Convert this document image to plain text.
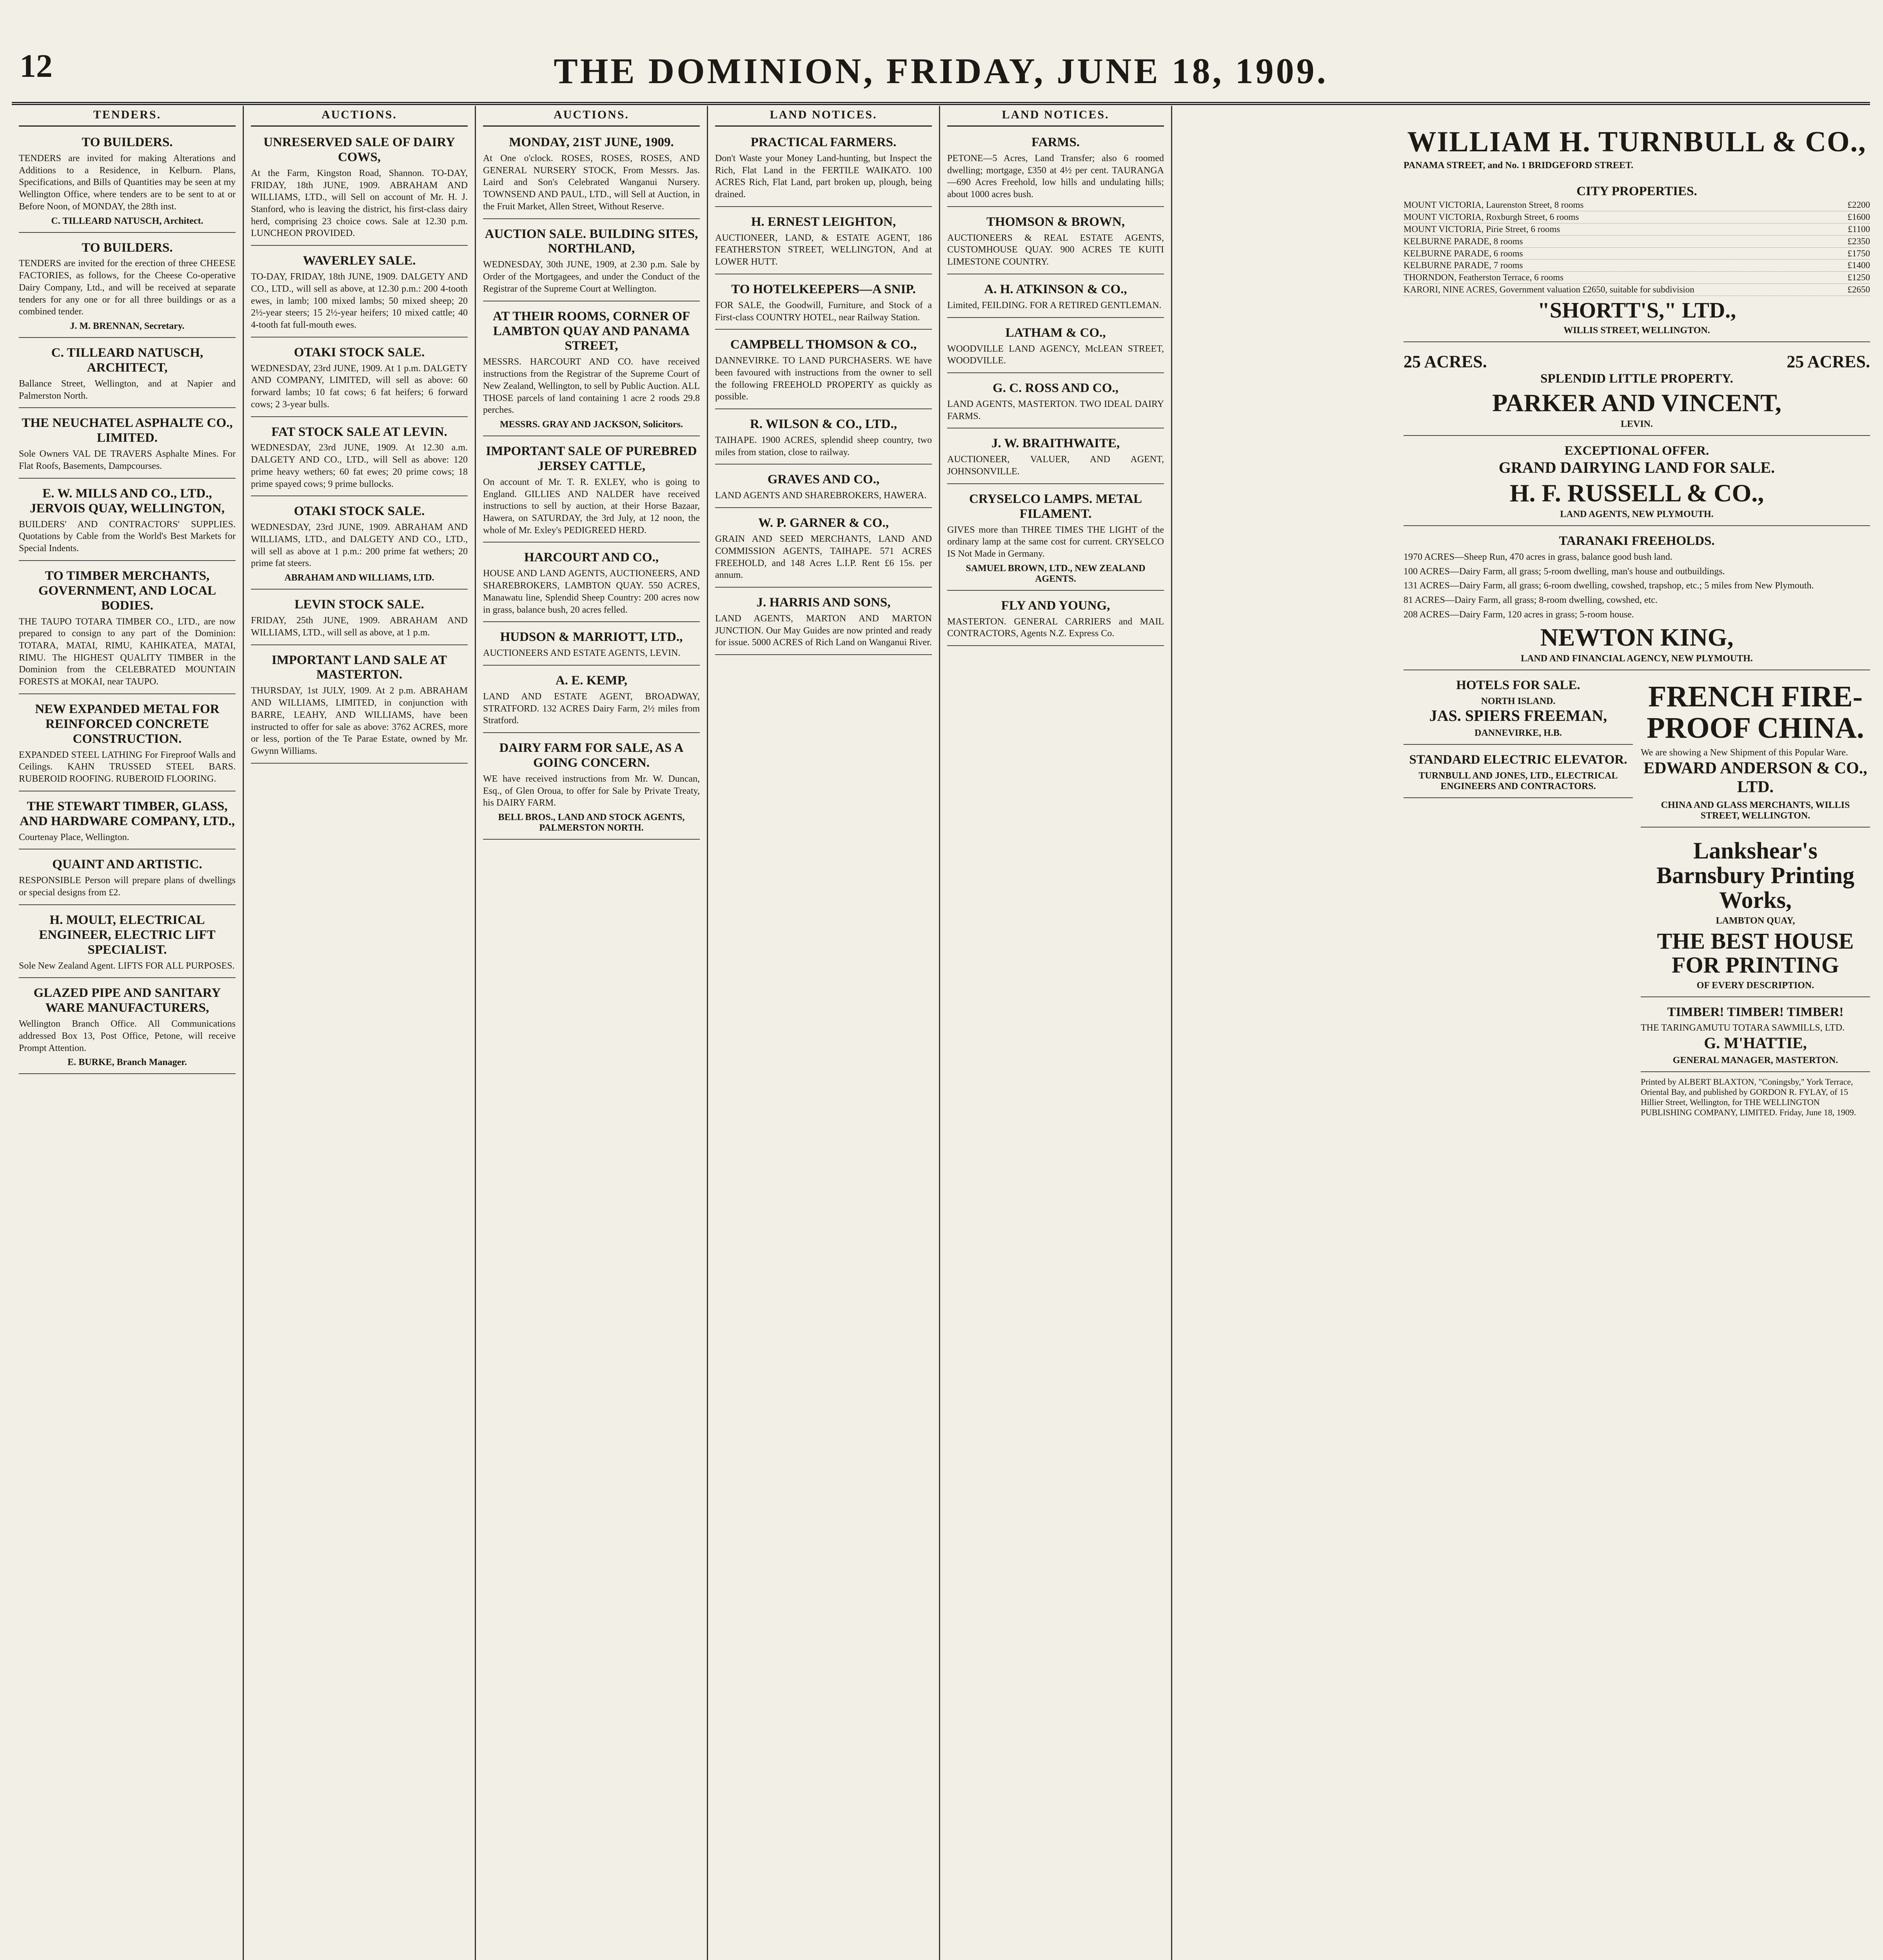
12	THE DOMINION, FRIDAY, JUNE 18, 1909.
TENDERS.
TO BUILDERS.
TENDERS are invited for making Alterations and Additions to a Residence, in Kelburn. Plans, Specifications, and Bills of Quantities may be seen at my Wellington Office, where tenders are to be sent to at or Before Noon, of MONDAY, the 28th inst.
C. TILLEARD NATUSCH, Architect.
TO BUILDERS.
TENDERS are invited for the erection of three CHEESE FACTORIES, as follows, for the Cheese Co-operative Dairy Company, Ltd., and will be received at separate tenders for any one or for all three buildings or as a combined tender.
J. M. BRENNAN, Secretary.
C. TILLEARD NATUSCH, ARCHITECT,
Ballance Street, Wellington, and at Napier and Palmerston North.
THE NEUCHATEL ASPHALTE CO., LIMITED.
Sole Owners VAL DE TRAVERS Asphalte Mines. For Flat Roofs, Basements, Dampcourses.
E. W. MILLS AND CO., LTD., JERVOIS QUAY, WELLINGTON,
BUILDERS' AND CONTRACTORS' SUPPLIES. Quotations by Cable from the World's Best Markets for Special Indents.
TO TIMBER MERCHANTS, GOVERNMENT, AND LOCAL BODIES.
THE TAUPO TOTARA TIMBER CO., LTD., are now prepared to consign to any part of the Dominion: TOTARA, MATAI, RIMU, KAHIKATEA, MATAI, RIMU. The HIGHEST QUALITY TIMBER in the Dominion from the CELEBRATED MOUNTAIN FORESTS at MOKAI, near TAUPO.
NEW EXPANDED METAL FOR REINFORCED CONCRETE CONSTRUCTION.
EXPANDED STEEL LATHING For Fireproof Walls and Ceilings. KAHN TRUSSED STEEL BARS. RUBEROID ROOFING. RUBEROID FLOORING.
THE STEWART TIMBER, GLASS, AND HARDWARE COMPANY, LTD.,
Courtenay Place, Wellington.
QUAINT AND ARTISTIC.
RESPONSIBLE Person will prepare plans of dwellings or special designs from £2.
H. MOULT, ELECTRICAL ENGINEER, ELECTRIC LIFT SPECIALIST.
Sole New Zealand Agent. LIFTS FOR ALL PURPOSES.
GLAZED PIPE AND SANITARY WARE MANUFACTURERS,
Wellington Branch Office. All Communications addressed Box 13, Post Office, Petone, will receive Prompt Attention.
E. BURKE, Branch Manager.
AUCTIONS.
UNRESERVED SALE OF DAIRY COWS,
At the Farm, Kingston Road, Shannon. TO-DAY, FRIDAY, 18th JUNE, 1909. ABRAHAM AND WILLIAMS, LTD., will Sell on account of Mr. H. J. Stanford, who is leaving the district, his first-class dairy herd, comprising 23 choice cows. Sale at 12.30 p.m. LUNCHEON PROVIDED.
WAVERLEY SALE.
TO-DAY, FRIDAY, 18th JUNE, 1909. DALGETY AND CO., LTD., will sell as above, at 12.30 p.m.: 200 4-tooth ewes, in lamb; 100 mixed lambs; 50 mixed sheep; 20 2½-year steers; 15 2½-year heifers; 10 mixed cattle; 40 4-tooth fat full-mouth ewes.
OTAKI STOCK SALE.
WEDNESDAY, 23rd JUNE, 1909. At 1 p.m. DALGETY AND COMPANY, LIMITED, will sell as above: 60 forward lambs; 10 fat cows; 6 fat heifers; 6 forward cows; 2 3-year bulls.
FAT STOCK SALE AT LEVIN.
WEDNESDAY, 23rd JUNE, 1909. At 12.30 a.m. DALGETY AND CO., LTD., will Sell as above: 120 prime heavy wethers; 60 fat ewes; 20 prime cows; 18 prime spayed cows; 9 prime bullocks.
OTAKI STOCK SALE.
WEDNESDAY, 23rd JUNE, 1909. ABRAHAM AND WILLIAMS, LTD., and DALGETY AND CO., LTD., will sell as above at 1 p.m.: 200 prime fat wethers; 20 prime fat steers.
ABRAHAM AND WILLIAMS, LTD.
LEVIN STOCK SALE.
FRIDAY, 25th JUNE, 1909. ABRAHAM AND WILLIAMS, LTD., will sell as above, at 1 p.m.
IMPORTANT LAND SALE AT MASTERTON.
THURSDAY, 1st JULY, 1909. At 2 p.m. ABRAHAM AND WILLIAMS, LIMITED, in conjunction with BARRE, LEAHY, AND WILLIAMS, have been instructed to offer for sale as above: 3762 ACRES, more or less, portion of the Te Parae Estate, owned by Mr. Gwynn Williams.
AUCTIONS.
MONDAY, 21ST JUNE, 1909.
At One o'clock. ROSES, ROSES, ROSES, AND GENERAL NURSERY STOCK, From Messrs. Jas. Laird and Son's Celebrated Wanganui Nursery. TOWNSEND AND PAUL, LTD., will Sell at Auction, in the Fruit Market, Allen Street, Without Reserve.
AUCTION SALE. BUILDING SITES, NORTHLAND,
WEDNESDAY, 30th JUNE, 1909, at 2.30 p.m. Sale by Order of the Mortgagees, and under the Conduct of the Registrar of the Supreme Court at Wellington.
AT THEIR ROOMS, CORNER OF LAMBTON QUAY AND PANAMA STREET,
MESSRS. HARCOURT AND CO. have received instructions from the Registrar of the Supreme Court of New Zealand, Wellington, to sell by Public Auction. ALL THOSE parcels of land containing 1 acre 2 roods 29.8 perches.
MESSRS. GRAY AND JACKSON, Solicitors.
IMPORTANT SALE OF PUREBRED JERSEY CATTLE,
On account of Mr. T. R. EXLEY, who is going to England. GILLIES AND NALDER have received instructions to sell by auction, at their Horse Bazaar, Hawera, on SATURDAY, the 3rd July, at 12 noon, the whole of Mr. Exley's PEDIGREED HERD.
HARCOURT AND CO.,
HOUSE AND LAND AGENTS, AUCTIONEERS, AND SHAREBROKERS, LAMBTON QUAY. 550 ACRES, Manawatu line, Splendid Sheep Country: 200 acres now in grass, balance bush, 20 acres felled.
HUDSON & MARRIOTT, LTD.,
AUCTIONEERS AND ESTATE AGENTS, LEVIN.
A. E. KEMP,
LAND AND ESTATE AGENT, BROADWAY, STRATFORD. 132 ACRES Dairy Farm, 2½ miles from Stratford.
DAIRY FARM FOR SALE, AS A GOING CONCERN.
WE have received instructions from Mr. W. Duncan, Esq., of Glen Oroua, to offer for Sale by Private Treaty, his DAIRY FARM.
BELL BROS., LAND AND STOCK AGENTS, PALMERSTON NORTH.
LAND NOTICES.
PRACTICAL FARMERS.
Don't Waste your Money Land-hunting, but Inspect the Rich, Flat Land in the FERTILE WAIKATO. 100 ACRES Rich, Flat Land, part broken up, plough, being drained.
H. ERNEST LEIGHTON,
AUCTIONEER, LAND, & ESTATE AGENT, 186 FEATHERSTON STREET, WELLINGTON, And at LOWER HUTT.
TO HOTELKEEPERS—A SNIP.
FOR SALE, the Goodwill, Furniture, and Stock of a First-class COUNTRY HOTEL, near Railway Station.
CAMPBELL THOMSON & CO.,
DANNEVIRKE. TO LAND PURCHASERS. WE have been favoured with instructions from the owner to sell the following FREEHOLD PROPERTY as quickly as possible.
R. WILSON & CO., LTD.,
TAIHAPE. 1900 ACRES, splendid sheep country, two miles from station, close to railway.
GRAVES AND CO.,
LAND AGENTS AND SHAREBROKERS, HAWERA.
W. P. GARNER & CO.,
GRAIN AND SEED MERCHANTS, LAND AND COMMISSION AGENTS, TAIHAPE. 571 ACRES FREEHOLD, and 148 Acres L.I.P. Rent £6 15s. per annum.
J. HARRIS AND SONS,
LAND AGENTS, MARTON AND MARTON JUNCTION. Our May Guides are now printed and ready for issue. 5000 ACRES of Rich Land on Wanganui River.
LAND NOTICES.
FARMS.
PETONE—5 Acres, Land Transfer; also 6 roomed dwelling; mortgage, £350 at 4½ per cent. TAURANGA—690 Acres Freehold, low hills and undulating hills; about 1000 acres bush.
THOMSON & BROWN,
AUCTIONEERS & REAL ESTATE AGENTS, CUSTOMHOUSE QUAY. 900 ACRES TE KUITI LIMESTONE COUNTRY.
A. H. ATKINSON & CO.,
Limited, FEILDING. FOR A RETIRED GENTLEMAN.
LATHAM & CO.,
WOODVILLE LAND AGENCY, McLEAN STREET, WOODVILLE.
G. C. ROSS AND CO.,
LAND AGENTS, MASTERTON. TWO IDEAL DAIRY FARMS.
J. W. BRAITHWAITE,
AUCTIONEER, VALUER, AND AGENT, JOHNSONVILLE.
CRYSELCO LAMPS. METAL FILAMENT.
GIVES more than THREE TIMES THE LIGHT of the ordinary lamp at the same cost for current. CRYSELCO IS Not Made in Germany.
SAMUEL BROWN, LTD., NEW ZEALAND AGENTS.
FLY AND YOUNG,
MASTERTON. GENERAL CARRIERS and MAIL CONTRACTORS, Agents N.Z. Express Co.
WILLIAM H. TURNBULL & CO.,
PANAMA STREET, and No. 1 BRIDGEFORD STREET.
CITY PROPERTIES.
MOUNT VICTORIA, Laurenston Street, 8 rooms	£2200
MOUNT VICTORIA, Roxburgh Street, 6 rooms	£1600
MOUNT VICTORIA, Pirie Street, 6 rooms	£1100
KELBURNE PARADE, 8 rooms	£2350
KELBURNE PARADE, 6 rooms	£1750
KELBURNE PARADE, 7 rooms	£1400
THORNDON, Featherston Terrace, 6 rooms	£1250
KARORI, NINE ACRES, Government valuation £2650, suitable for subdivision	£2650
"SHORTT'S," LTD.,
WILLIS STREET, WELLINGTON.
25 ACRES.	25 ACRES.
SPLENDID LITTLE PROPERTY.
PARKER AND VINCENT,
LEVIN.
EXCEPTIONAL OFFER.
GRAND DAIRYING LAND FOR SALE.
H. F. RUSSELL & CO.,
LAND AGENTS, NEW PLYMOUTH.
TARANAKI FREEHOLDS.
1970 ACRES—Sheep Run, 470 acres in grass, balance good bush land.
100 ACRES—Dairy Farm, all grass; 5-room dwelling, man's house and outbuildings.
131 ACRES—Dairy Farm, all grass; 6-room dwelling, cowshed, trapshop, etc.; 5 miles from New Plymouth.
81 ACRES—Dairy Farm, all grass; 8-room dwelling, cowshed, etc.
208 ACRES—Dairy Farm, 120 acres in grass; 5-room house.
NEWTON KING,
LAND AND FINANCIAL AGENCY, NEW PLYMOUTH.
HOTELS FOR SALE.
NORTH ISLAND.
JAS. SPIERS FREEMAN,
DANNEVIRKE, H.B.
STANDARD ELECTRIC ELEVATOR.
TURNBULL AND JONES, LTD., ELECTRICAL ENGINEERS AND CONTRACTORS.
FRENCH FIRE-PROOF CHINA.
We are showing a New Shipment of this Popular Ware.
EDWARD ANDERSON & CO., LTD.
CHINA AND GLASS MERCHANTS, WILLIS STREET, WELLINGTON.
Lankshear's Barnsbury Printing Works,
LAMBTON QUAY,
THE BEST HOUSE FOR PRINTING
OF EVERY DESCRIPTION.
TIMBER! TIMBER! TIMBER!
THE TARINGAMUTU TOTARA SAWMILLS, LTD.
G. M'HATTIE,
GENERAL MANAGER, MASTERTON.
Printed by ALBERT BLAXTON, "Coningsby," York Terrace, Oriental Bay, and published by GORDON R. FYLAY, of 15 Hillier Street, Wellington, for THE WELLINGTON PUBLISHING COMPANY, LIMITED. Friday, June 18, 1909.
